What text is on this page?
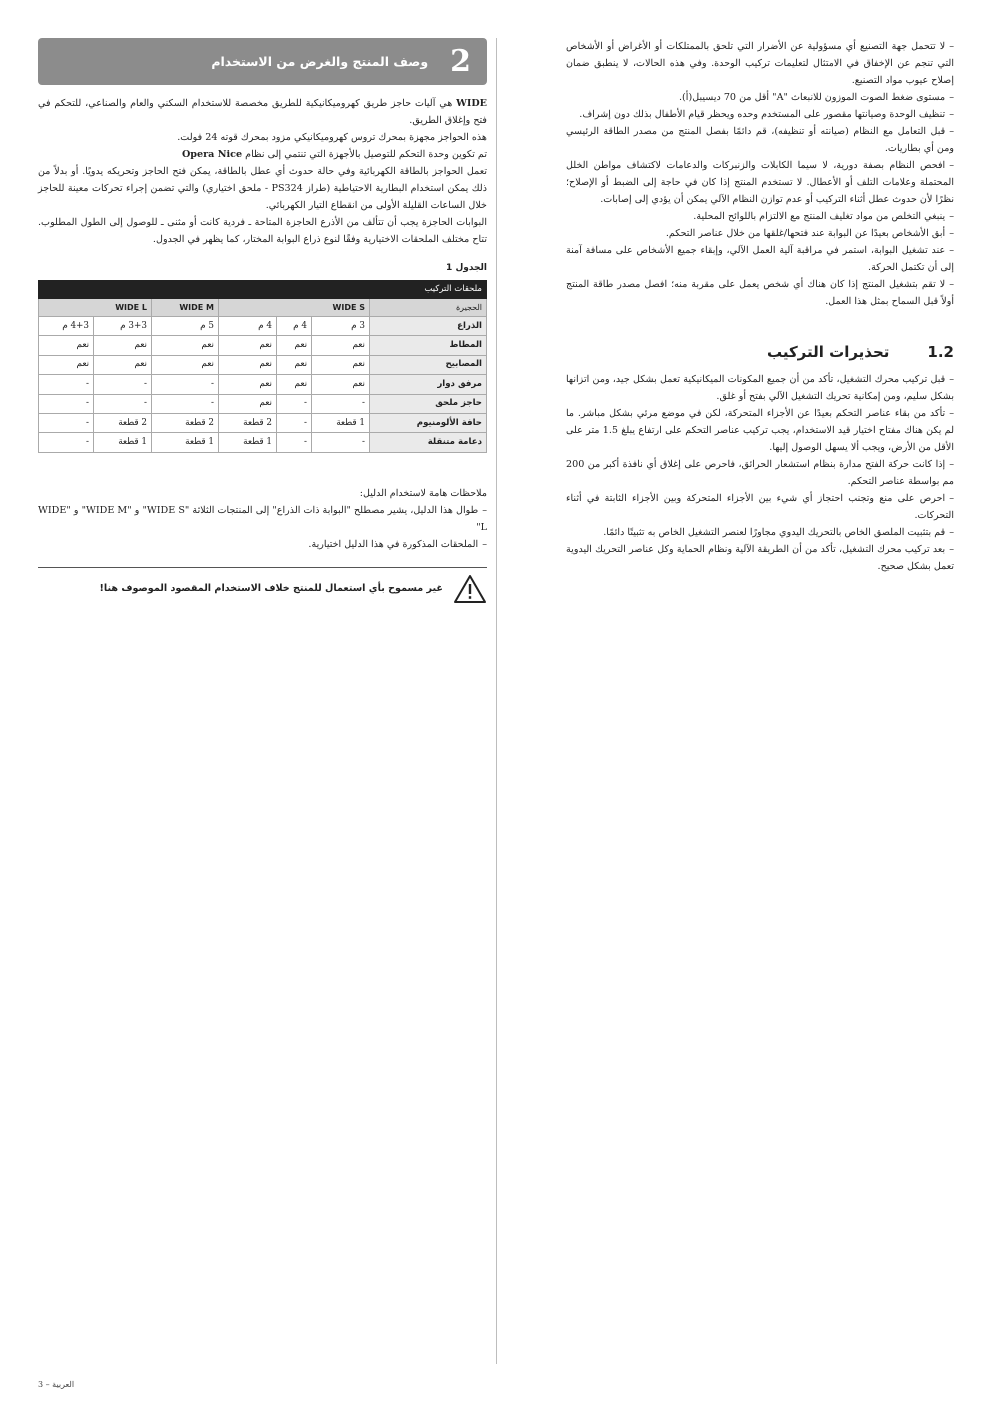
–لا تتحمل جهة التصنيع أي مسؤولية عن الأضرار التي تلحق بالممتلكات أو الأغراض أو الأشخاص التي تنجم عن الإخفاق في الامتثال لتعليمات تركيب الوحدة. وفي هذه الحالات، لا ينطبق ضمان إصلاح عيوب مواد التصنيع.

–مستوى ضغط الصوت الموزون للانبعاث "A" أقل من 70 ديسيبل(أ).

–تنظيف الوحدة وصيانتها مقصور على المستخدم وحده ويحظر قيام الأطفال بذلك دون إشراف.

–قبل التعامل مع النظام (صيانته أو تنظيفه)، قم دائمًا بفصل المنتج من مصدر الطاقة الرئيسي ومن أي بطاريات.

–افحص النظام بصفة دورية، لا سيما الكابلات والزنبركات والدعامات لاكتشاف مواطن الخلل المحتملة وعلامات التلف أو الأعطال. لا تستخدم المنتج إذا كان في حاجة إلى الضبط أو الإصلاح؛ نظرًا لأن حدوث عطل أثناء التركيب أو عدم توازن النظام الآلي يمكن أن يؤدي إلى إصابات.

–ينبغي التخلص من مواد تغليف المنتج مع الالتزام باللوائح المحلية.

–أبق الأشخاص بعيدًا عن البوابة عند فتحها/غلقها من خلال عناصر التحكم.

–عند تشغيل البوابة، استمر في مراقبة آلية العمل الآلي، وإبقاء جميع الأشخاص على مسافة آمنة إلى أن تكتمل الحركة.

–لا تقم بتشغيل المنتج إذا كان هناك أي شخص يعمل على مقربة منه؛ افصل مصدر طاقة المنتج أولاً قبل السماح بمثل هذا العمل.

1.2
تحذيرات التركيب

–قبل تركيب محرك التشغيل، تأكد من أن جميع المكونات الميكانيكية تعمل بشكل جيد، ومن اتزانها بشكل سليم، ومن إمكانية تحريك التشغيل الآلي بفتح أو غلق.

–تأكد من بقاء عناصر التحكم بعيدًا عن الأجزاء المتحركة، لكن في موضع مرئي بشكل مباشر. ما لم يكن هناك مفتاح اختيار قيد الاستخدام، يجب تركيب عناصر التحكم على ارتفاع يبلغ 1.5 متر على الأقل من الأرض، ويجب ألا يسهل الوصول إليها.

–إذا كانت حركة الفتح مدارة بنظام استشعار الحرائق، فاحرص على إغلاق أي نافذة أكبر من 200 مم بواسطة عناصر التحكم.

–احرص على منع وتجنب احتجاز أي شيء بين الأجزاء المتحركة وبين الأجزاء الثابتة في أثناء التحركات.

–قم بتثبيت الملصق الخاص بالتحريك اليدوي مجاورًا لعنصر التشغيل الخاص به تثبيتًا دائمًا.

–بعد تركيب محرك التشغيل، تأكد من أن الطريقة الآلية ونظام الحماية وكل عناصر التحريك اليدوية تعمل بشكل صحيح.

2
وصف المنتج والغرض من الاستخدام

WIDE هي آليات حاجز طريق كهروميكانيكية للطريق مخصصة للاستخدام السكني والعام والصناعي، للتحكم في فتح وإغلاق الطريق.

هذه الحواجز مجهزة بمحرك تروس كهروميكانيكي مزود بمحرك قوته 24 فولت.

تم تكوين وحدة التحكم للتوصيل بالأجهزة التي تنتمي إلى نظام Opera Nice

تعمل الحواجز بالطاقة الكهربائية وفي حالة حدوث أي عطل بالطاقة، يمكن فتح الحاجز وتحريكه يدويًا. أو بدلاً من ذلك يمكن استخدام البطارية الاحتياطية (طراز PS324 - ملحق اختياري) والتي تضمن إجراء تحركات معينة للحاجز خلال الساعات القليلة الأولى من انقطاع التيار الكهربائي.

البوابات الحاجزة يجب أن تتألف من الأذرع الحاجزة المتاحة ـ فردية كانت أو مثنى ـ للوصول إلى الطول المطلوب. تتاح مختلف الملحقات الاختيارية وفقًا لنوع ذراع البوابة المختار، كما يظهر في الجدول.

الجدول 1
ملحقات التركيب						
الحجيرة	WIDE S			WIDE M	WIDE L	
الذراع	3 م	4 م	4 م	5 م	3+3 م	4+3 م
المطاط	نعم	نعم	نعم	نعم	نعم	نعم
المصابيح	نعم	نعم	نعم	نعم	نعم	نعم
مرفق دوار	نعم	نعم	نعم	-	-	-
حاجز ملحق	-	-	نعم	-	-	-
حافة الألومنيوم	1 قطعة	-	2 قطعة	2 قطعة	2 قطعة	-
دعامة متنقلة	-	-	1 قطعة	1 قطعة	1 قطعة	-

ملاحظات هامة لاستخدام الدليل:

–طوال هذا الدليل، يشير مصطلح "البوابة ذات الذراع" إلى المنتجات الثلاثة "WIDE S" و "WIDE M" و "WIDE L"

–الملحقات المذكورة في هذا الدليل اختيارية.

غير مسموح بأي استعمال للمنتج خلاف الاستخدام المقصود الموصوف هنا!
العربية – 3
